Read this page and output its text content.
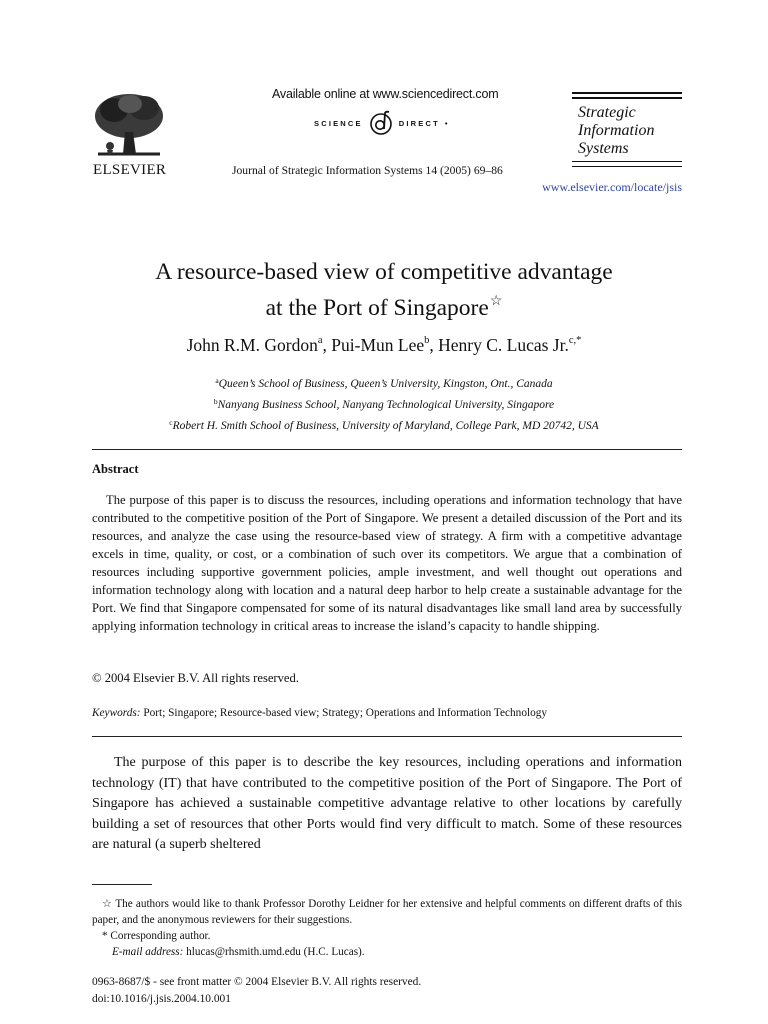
ELSEVIER
Available online at www.sciencedirect.com
SCIENCE	DIRECT •
Journal of Strategic Information Systems 14 (2005) 69–86
Strategic
Information
Systems
www.elsevier.com/locate/jsis
A resource-based view of competitive advantage
at the Port of Singapore☆
John R.M. Gordon$^a$, Pui-Mun Lee$^b$, Henry C. Lucas Jr.$^{c,*}$
$^a$Queen’s School of Business, Queen’s University, Kingston, Ont., Canada
$^b$Nanyang Business School, Nanyang Technological University, Singapore
$^c$Robert H. Smith School of Business, University of Maryland, College Park, MD 20742, USA
Abstract

The purpose of this paper is to discuss the resources, including operations and information technology that have contributed to the competitive position of the Port of Singapore. We present a detailed discussion of the Port and its resources, and analyze the case using the resource-based view of strategy. A firm with a competitive advantage excels in time, quality, or cost, or a combination of such over its competitors. We argue that a combination of resources including supportive government policies, ample investment, and well thought out operations and information technology along with location and a natural deep harbor to help create a sustainable advantage for the Port. We find that Singapore compensated for some of its natural disadvantages like small land area by successfully applying information technology in critical areas to increase the island’s capacity to handle shipping.

© 2004 Elsevier B.V. All rights reserved.
Keywords: Port; Singapore; Resource-based view; Strategy; Operations and Information Technology

The purpose of this paper is to describe the key resources, including operations and information technology (IT) that have contributed to the competitive position of the Port of Singapore. The Port of Singapore has achieved a sustainable competitive advantage relative to other locations by carefully building a set of resources that other Ports would find very difficult to match. Some of these resources are natural (a superb sheltered

☆ The authors would like to thank Professor Dorothy Leidner for her extensive and helpful comments on different drafts of this paper, and the anonymous reviewers for their suggestions.

* Corresponding author.

E-mail address: hlucas@rhsmith.umd.edu (H.C. Lucas).

0963-8687/$ - see front matter © 2004 Elsevier B.V. All rights reserved.
doi:10.1016/j.jsis.2004.10.001
